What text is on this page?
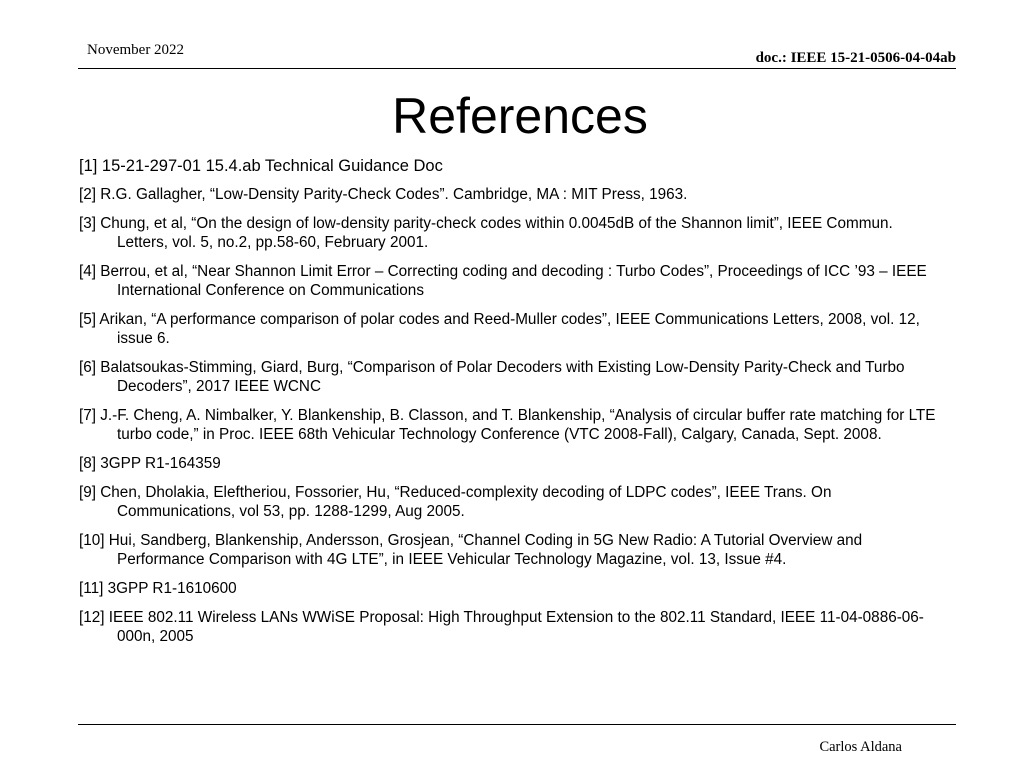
November 2022	doc.: IEEE 15-21-0506-04-04ab
References
[1] 15-21-297-01 15.4.ab Technical Guidance Doc
[2] R.G. Gallagher, “Low-Density Parity-Check Codes”. Cambridge, MA : MIT Press, 1963.
[3] Chung, et al, “On the design of low-density parity-check codes within 0.0045dB of the Shannon limit”, IEEE Commun. Letters, vol. 5, no.2, pp.58-60, February 2001.
[4] Berrou, et al, “Near Shannon Limit Error – Correcting coding and decoding : Turbo Codes”, Proceedings of ICC ’93 – IEEE International Conference on Communications
[5] Arikan, “A performance comparison of polar codes and Reed-Muller codes”, IEEE Communications Letters, 2008, vol. 12, issue 6.
[6] Balatsoukas-Stimming, Giard, Burg, “Comparison of Polar Decoders with Existing Low-Density Parity-Check and Turbo Decoders”, 2017 IEEE WCNC
[7] J.-F. Cheng, A. Nimbalker, Y. Blankenship, B. Classon, and T. Blankenship, “Analysis of circular buffer rate matching for LTE turbo code,” in Proc. IEEE 68th Vehicular Technology Conference (VTC 2008-Fall), Calgary, Canada, Sept. 2008.
[8] 3GPP R1-164359
[9] Chen, Dholakia, Eleftheriou, Fossorier, Hu, “Reduced-complexity decoding of LDPC codes”, IEEE Trans. On Communications, vol 53, pp. 1288-1299, Aug 2005.
[10] Hui, Sandberg, Blankenship, Andersson, Grosjean, “Channel Coding in 5G New Radio: A Tutorial Overview and Performance Comparison with 4G LTE”, in IEEE Vehicular Technology Magazine, vol. 13, Issue #4.
[11] 3GPP R1-1610600
[12] IEEE 802.11 Wireless LANs WWiSE Proposal: High Throughput Extension to the 802.11 Standard, IEEE 11-04-0886-06-000n, 2005
Carlos Aldana
